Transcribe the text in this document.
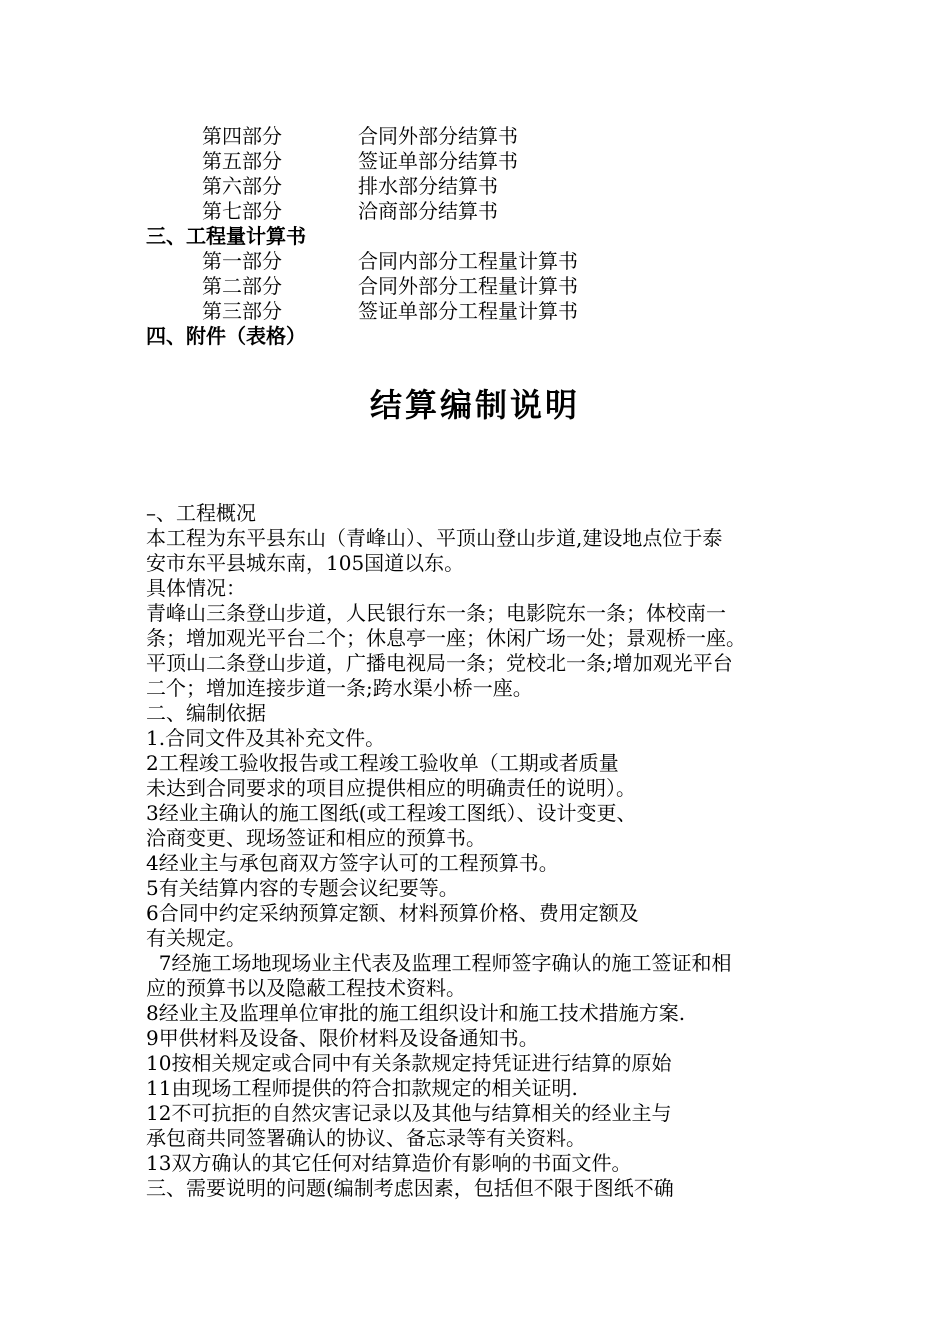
第四部分	合同外部分结算书
第五部分	签证单部分结算书
第六部分	排水部分结算书
第七部分	洽商部分结算书
三、工程量计算书
第一部分	合同内部分工程量计算书
第二部分	合同外部分工程量计算书
第三部分	签证单部分工程量计算书
四、附件（表格）
结算编制说明
–、工程概况
本工程为东平县东山（青峰山）、平顶山登山步道,建设地点位于泰
安市东平县城东南，105国道以东。
具体情况：
青峰山三条登山步道，人民银行东一条；电影院东一条；体校南一
条；增加观光平台二个；休息亭一座；休闲广场一处；景观桥一座。
平顶山二条登山步道，广播电视局一条；党校北一条;增加观光平台
二个；增加连接步道一条;跨水渠小桥一座。
二、编制依据
1.合同文件及其补充文件。
2工程竣工验收报告或工程竣工验收单（工期或者质量
未达到合同要求的项目应提供相应的明确责任的说明）。
3经业主确认的施工图纸(或工程竣工图纸）、设计变更、
洽商变更、现场签证和相应的预算书。
4经业主与承包商双方签字认可的工程预算书。
5有关结算内容的专题会议纪要等。
6合同中约定采纳预算定额、材料预算价格、费用定额及
有关规定。
7经施工场地现场业主代表及监理工程师签字确认的施工签证和相
应的预算书以及隐蔽工程技术资料。
8经业主及监理单位审批的施工组织设计和施工技术措施方案.
9甲供材料及设备、限价材料及设备通知书。
10按相关规定或合同中有关条款规定持凭证进行结算的原始
11由现场工程师提供的符合扣款规定的相关证明.
12不可抗拒的自然灾害记录以及其他与结算相关的经业主与
承包商共同签署确认的协议、备忘录等有关资料。
13双方确认的其它任何对结算造价有影响的书面文件。
三、需要说明的问题(编制考虑因素，包括但不限于图纸不确
